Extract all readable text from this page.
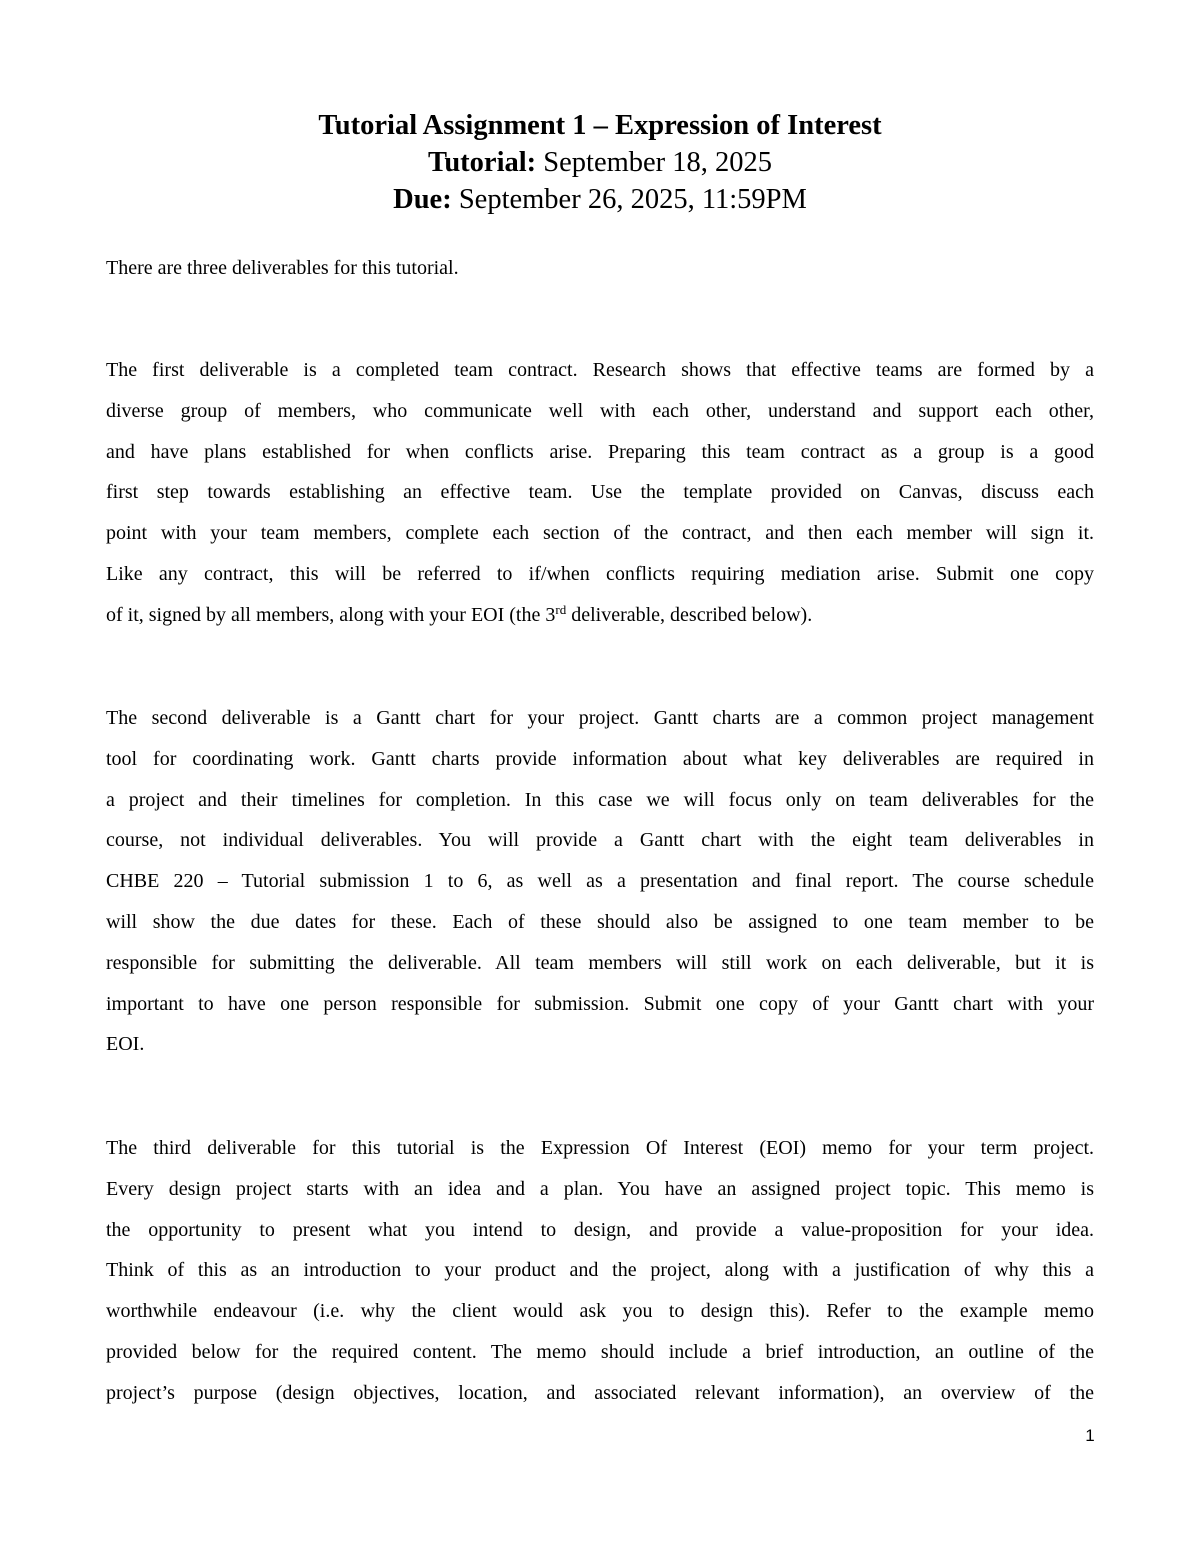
Tutorial Assignment 1 – Expression of Interest
Tutorial: September 18, 2025
Due: September 26, 2025, 11:59PM
There are three deliverables for this tutorial.
The first deliverable is a completed team contract. Research shows that effective teams are formed by a
diverse group of members, who communicate well with each other, understand and support each other,
and have plans established for when conflicts arise. Preparing this team contract as a group is a good
first step towards establishing an effective team. Use the template provided on Canvas, discuss each
point with your team members, complete each section of the contract, and then each member will sign it.
Like any contract, this will be referred to if/when conflicts requiring mediation arise. Submit one copy
of it, signed by all members, along with your EOI (the 3rd deliverable, described below).
The second deliverable is a Gantt chart for your project. Gantt charts are a common project management
tool for coordinating work. Gantt charts provide information about what key deliverables are required in
a project and their timelines for completion. In this case we will focus only on team deliverables for the
course, not individual deliverables. You will provide a Gantt chart with the eight team deliverables in
CHBE 220 – Tutorial submission 1 to 6, as well as a presentation and final report. The course schedule
will show the due dates for these. Each of these should also be assigned to one team member to be
responsible for submitting the deliverable. All team members will still work on each deliverable, but it is
important to have one person responsible for submission. Submit one copy of your Gantt chart with your
EOI.
The third deliverable for this tutorial is the Expression Of Interest (EOI) memo for your term project.
Every design project starts with an idea and a plan. You have an assigned project topic. This memo is
the opportunity to present what you intend to design, and provide a value-proposition for your idea.
Think of this as an introduction to your product and the project, along with a justification of why this a
worthwhile endeavour (i.e. why the client would ask you to design this). Refer to the example memo
provided below for the required content. The memo should include a brief introduction, an outline of the
project’s purpose (design objectives, location, and associated relevant information), an overview of the
1
